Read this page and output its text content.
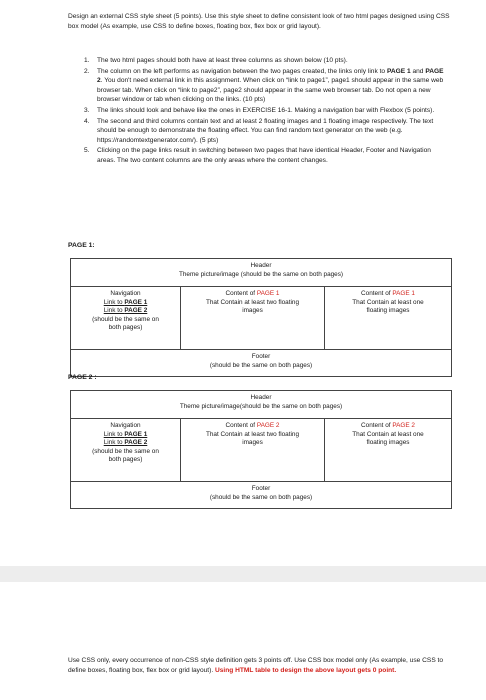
Design an external CSS style sheet (5 points). Use this style sheet to define consistent look of two html pages designed using CSS box model (As example, use CSS to define boxes, floating box, flex box or grid layout).

1. The two html pages should both have at least three columns as shown below (10 pts).
2. The column on the left performs as navigation between the two pages created, the links only link to PAGE 1 and PAGE 2. You don't need external link in this assignment. When click on “link to page1”, page1 should appear in the same web browser tab. When click on “link to page2”, page2 should appear in the same web browser tab. Do not open a new browser window or tab when clicking on the links. (10 pts)
3. The links should look and behave like the ones in EXERCISE 16-1. Making a navigation bar with Flexbox (5 points).
4. The second and third columns contain text and at least 2 floating images and 1 floating image respectively. The text should be enough to demonstrate the floating effect. You can find random text generator on the web (e.g. https://randomtextgenerator.com/). (5 pts)
5. Clicking on the page links result in switching between two pages that have identical Header, Footer and Navigation areas. The two content columns are the only areas where the content changes.
PAGE 1:
Header
Theme picture/image (should be the same on both pages)
Navigation
Link to PAGE 1
Link to PAGE 2
(should be the same on
both pages)
Content of PAGE 1
That Contain at least two floating
images
Content of PAGE 1
That Contain at least one
floating images
Footer
(should be the same on both pages)
PAGE 2 :
Header
Theme picture/image(should be the same on both pages)
Navigation
Link to PAGE 1
Link to PAGE 2
(should be the same on
both pages)
Content of PAGE 2
That Contain at least two floating
images
Content of PAGE 2
That Contain at least one
floating images
Footer
(should be the same on both pages)

Use CSS only, every occurrence of non-CSS style definition gets 3 points off. Use CSS box model only (As example, use CSS to define boxes, floating box, flex box or grid layout). Using HTML table to design the above layout gets 0 point.
